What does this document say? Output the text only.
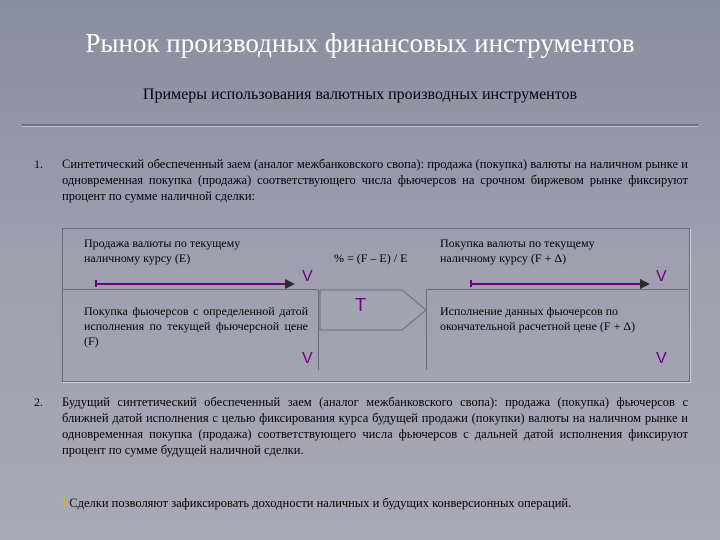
Рынок производных финансовых инструментов
Примеры использования валютных производных инструментов
1. Синтетический обеспеченный заем (аналог межбанковского свопа): продажа (покупка) валюты на наличном рынке и одновременная покупка (продажа) соответствующего числа фьючерсов на срочном биржевом рынке фиксируют процент по сумме наличной сделки:
Продажа валюты по текущему наличному курсу (E)
Покупка фьючерсов с определенной датой исполнения по текущей фьючерсной цене (F)
% = (F – E) / E
Покупка валюты по текущему наличному курсу (F + Δ)
Исполнение данных фьючерсов по окончательной расчетной цене (F + Δ)
V
V
T
V
V
2. Будущий синтетический обеспеченный заем (аналог межбанковского свопа): продажа (покупка) фьючерсов с ближней датой исполнения с целью фиксирования курса будущей продажи (покупки) валюты на наличном рынке и одновременная покупка (продажа) соответствующего числа фьючерсов с дальней датой исполнения фиксируют процент по сумме будущей наличной сделки.
! Сделки позволяют зафиксировать доходности наличных и будущих конверсионных операций.
